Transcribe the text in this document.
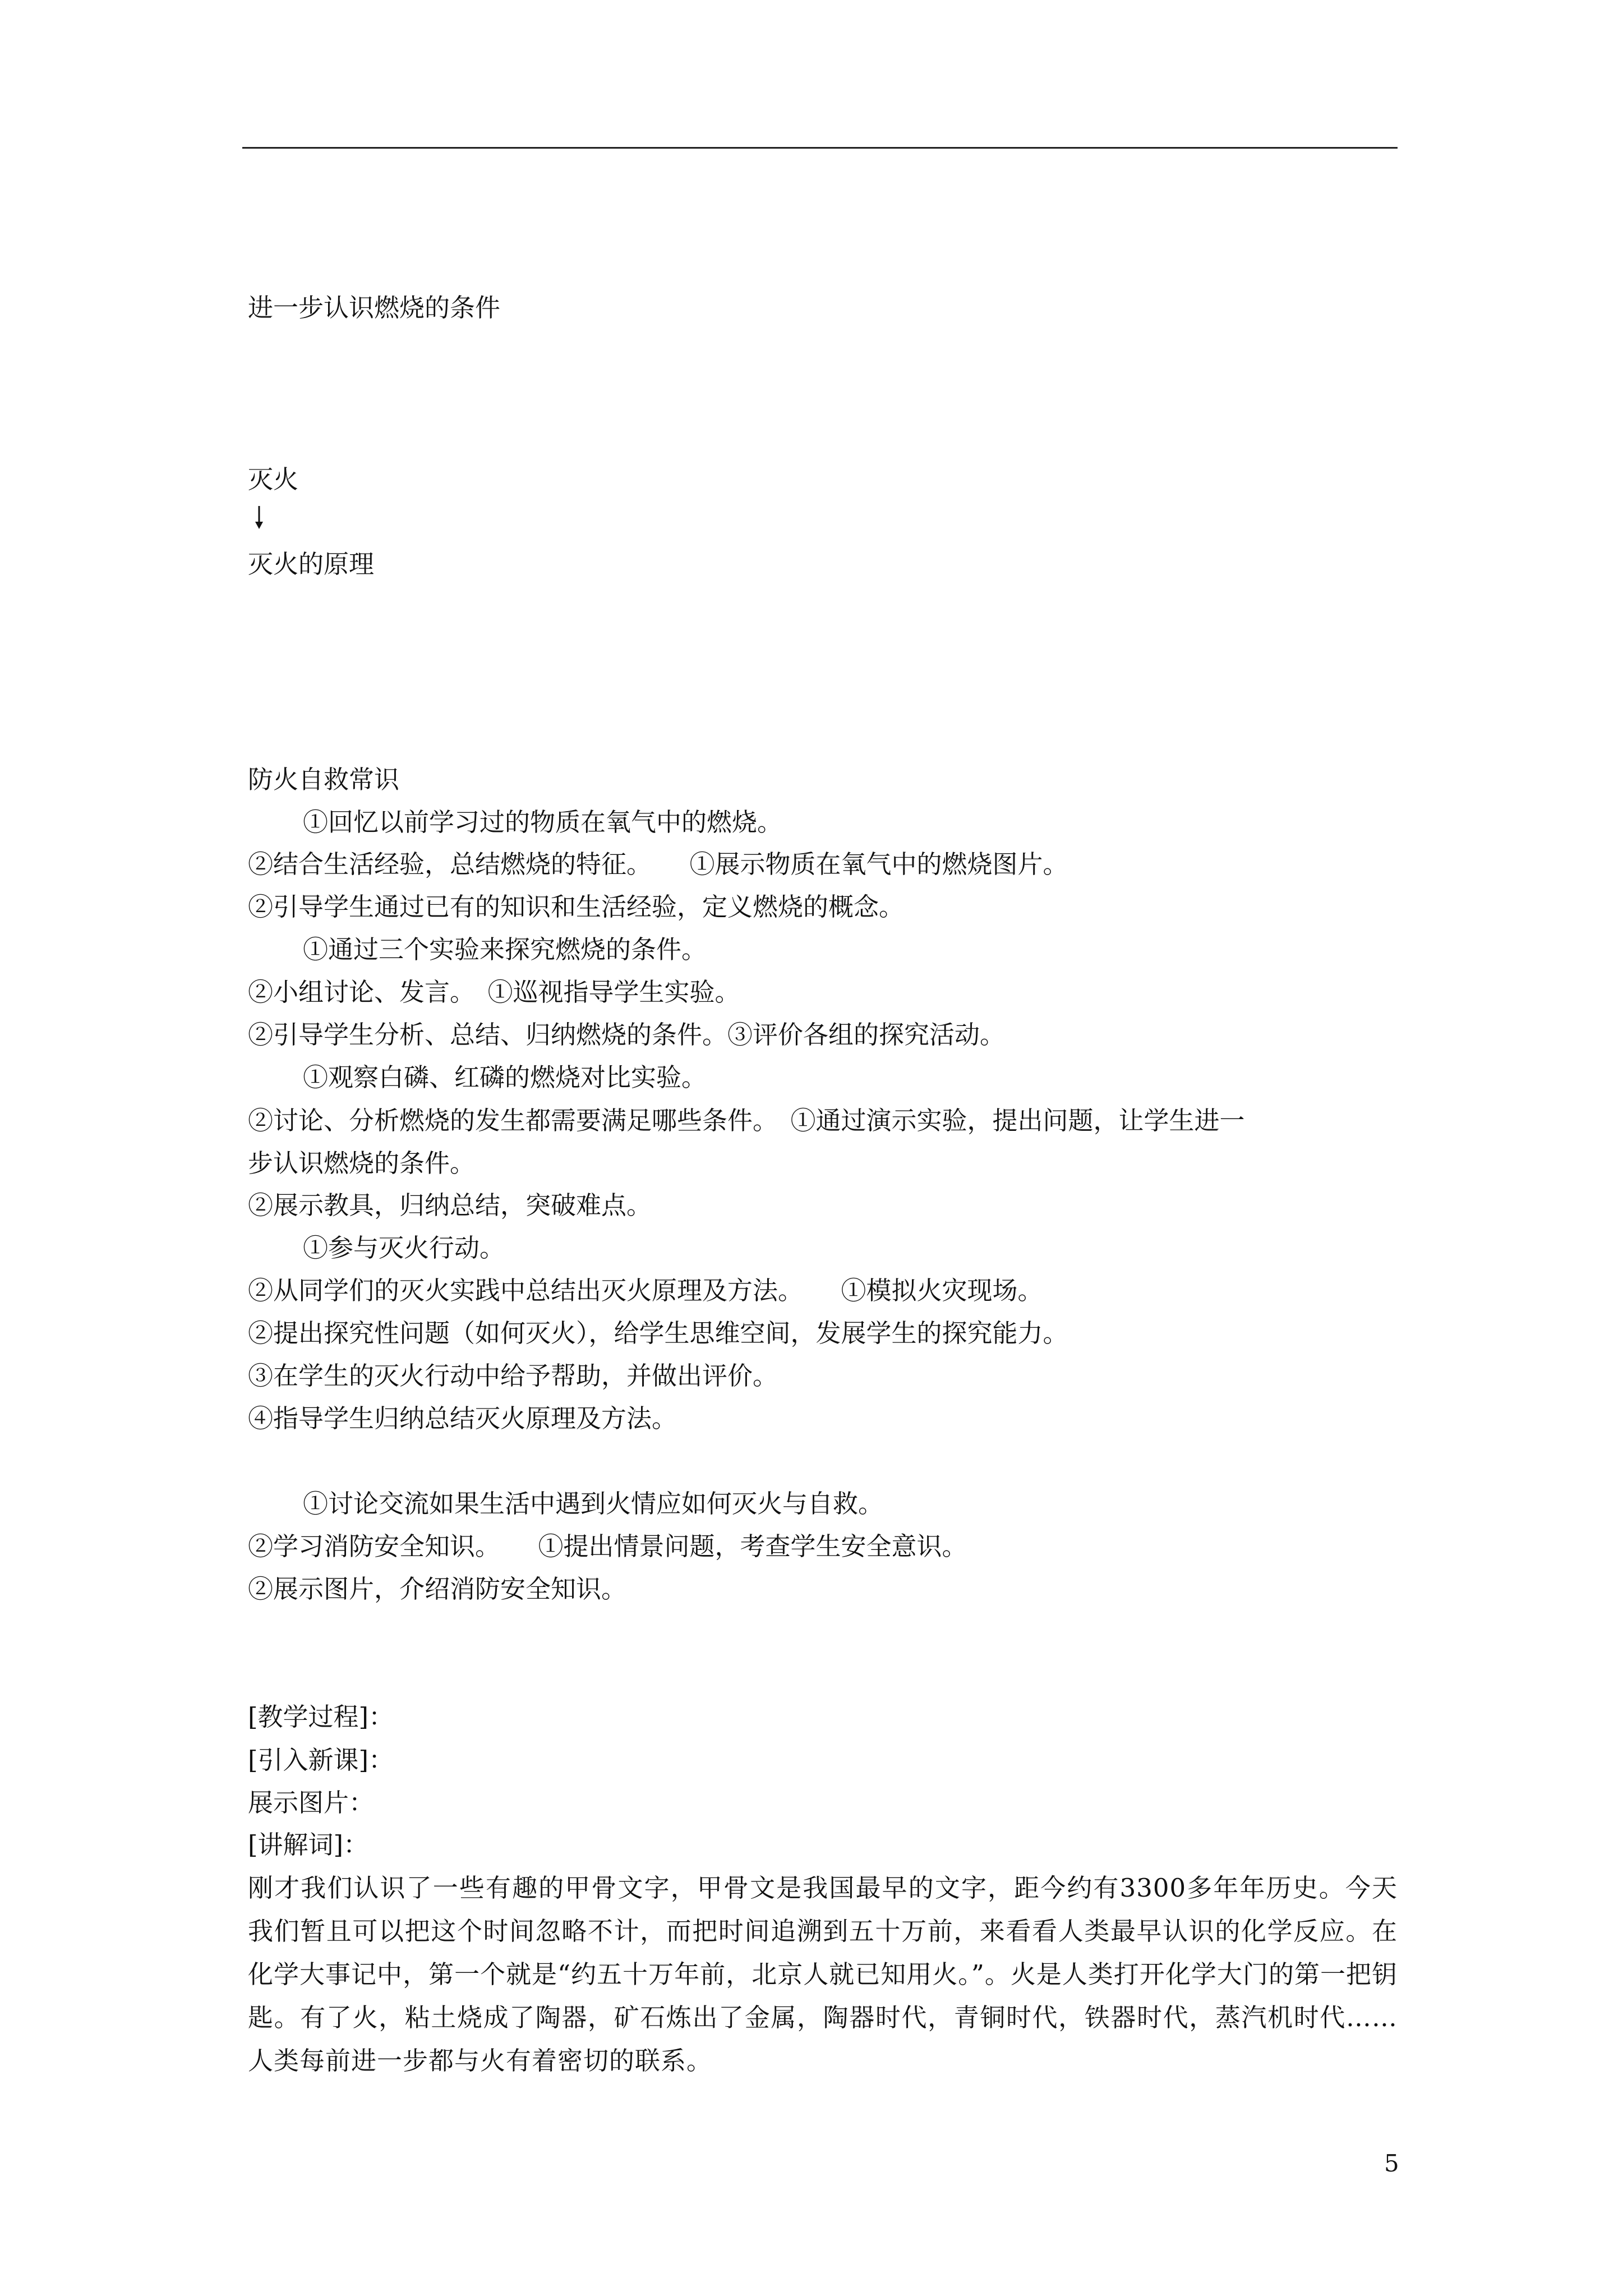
进一步认识燃烧的条件
灭火
灭火的原理
防火自救常识
①回忆以前学习过的物质在氧气中的燃烧。
②结合生活经验，总结燃烧的特征。　　①展示物质在氧气中的燃烧图片。
②引导学生通过已有的知识和生活经验，定义燃烧的概念。
①通过三个实验来探究燃烧的条件。
②小组讨论、发言。　①巡视指导学生实验。
②引导学生分析、总结、归纳燃烧的条件。③评价各组的探究活动。
①观察白磷、红磷的燃烧对比实验。
②讨论、分析燃烧的发生都需要满足哪些条件。　①通过演示实验，提出问题，让学生进一
步认识燃烧的条件。
②展示教具，归纳总结，突破难点。
①参与灭火行动。
②从同学们的灭火实践中总结出灭火原理及方法。　　①模拟火灾现场。
②提出探究性问题（如何灭火），给学生思维空间，发展学生的探究能力。
③在学生的灭火行动中给予帮助，并做出评价。
④指导学生归纳总结灭火原理及方法。
①讨论交流如果生活中遇到火情应如何灭火与自救。
②学习消防安全知识。　　①提出情景问题，考查学生安全意识。
②展示图片，介绍消防安全知识。
[教学过程]：
[引入新课]：
展示图片：
[讲解词]：
刚才我们认识了一些有趣的甲骨文字，甲骨文是我国最早的文字，距今约有3300多年年历史。今天我们暂且可以把这个时间忽略不计，而把时间追溯到五十万前，来看看人类最早认识的化学反应。在化学大事记中，第一个就是“约五十万年前，北京人就已知用火。”。火是人类打开化学大门的第一把钥匙。有了火，粘土烧成了陶器，矿石炼出了金属，陶器时代，青铜时代，铁器时代，蒸汽机时代……人类每前进一步都与火有着密切的联系。
5
